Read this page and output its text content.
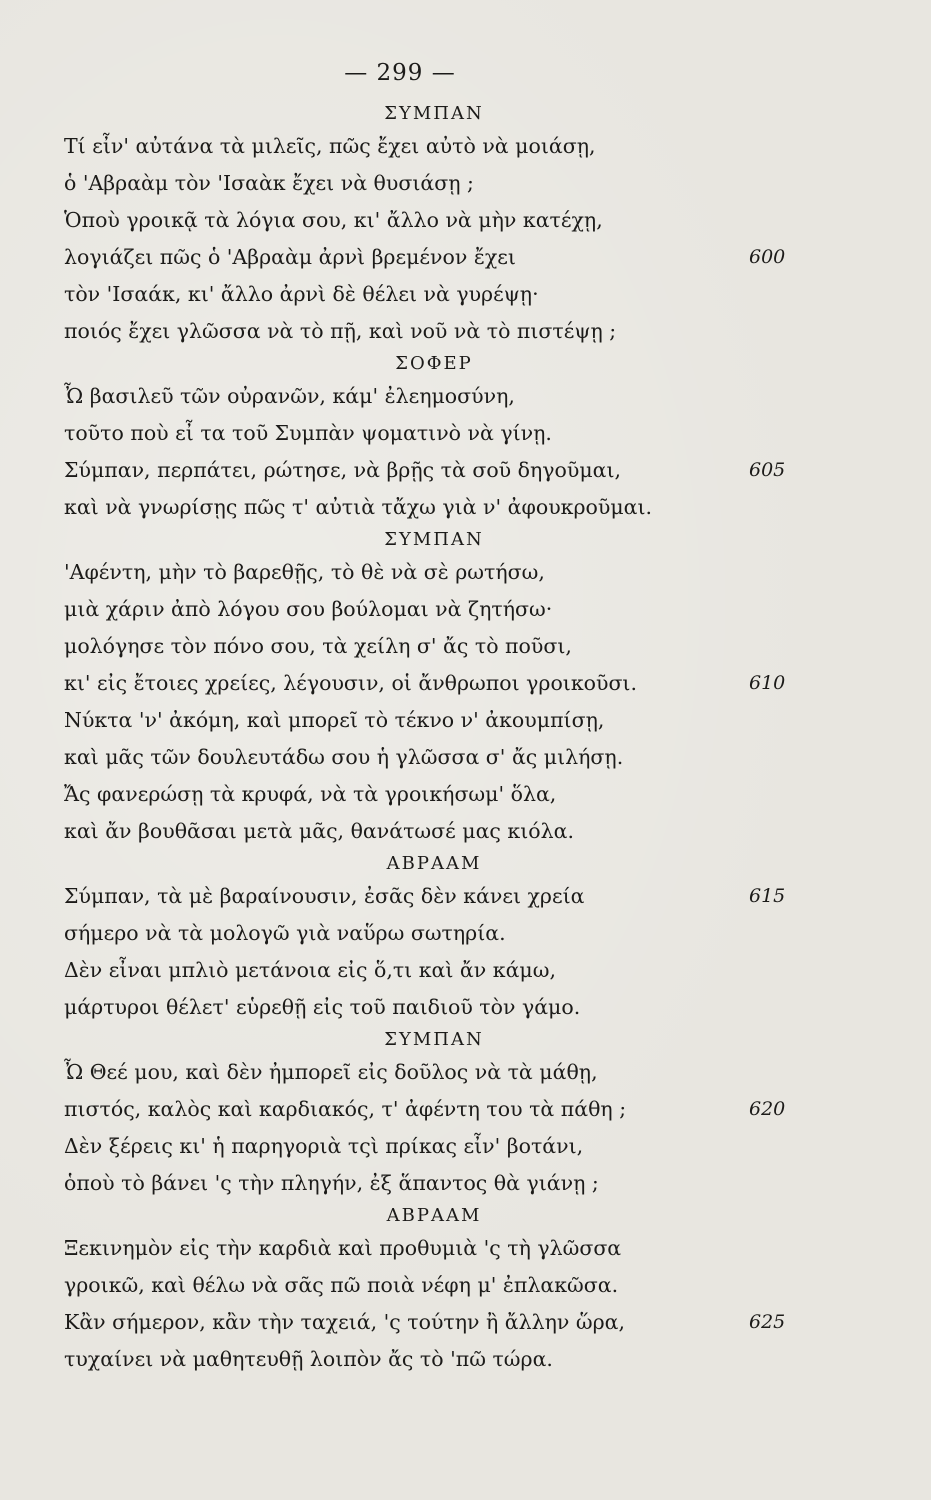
— 299 —
ΣΥΜΠΑΝ
Τί εἶν' αὐτάνα τὰ μιλεῖς, πῶς ἔχει αὐτὸ νὰ μοιάσῃ,
ὁ 'Αβραὰμ τὸν 'Ισαὰκ ἔχει νὰ θυσιάσῃ ;
Ὁποὺ γροικᾷ τὰ λόγια σου, κι' ἄλλο νὰ μὴν κατέχῃ,
λογιάζει πῶς ὁ 'Αβραὰμ ἀρνὶ βρεμένον ἔχει	600
τὸν 'Ισαάκ, κι' ἄλλο ἀρνὶ δὲ θέλει νὰ γυρέψῃ·
ποιός ἔχει γλῶσσα νὰ τὸ πῇ, καὶ νοῦ νὰ τὸ πιστέψῃ ;
ΣΟΦΕΡ
Ὦ βασιλεῦ τῶν οὐρανῶν, κάμ' ἐλεημοσύνη,
τοῦτο ποὺ εἶ τα τοῦ Συμπὰν ψοματινὸ νὰ γίνῃ.
Σύμπαν, περπάτει, ρώτησε, νὰ βρῇς τὰ σοῦ δηγοῦμαι,	605
καὶ νὰ γνωρίσῃς πῶς τ' αὐτιὰ τἄχω γιὰ ν' ἀφουκροῦμαι.
ΣΥΜΠΑΝ
'Αφέντη, μὴν τὸ βαρεθῇς, τὸ θὲ νὰ σὲ ρωτήσω,
μιὰ χάριν ἀπὸ λόγου σου βούλομαι νὰ ζητήσω·
μολόγησε τὸν πόνο σου, τὰ χείλη σ' ἄς τὸ ποῦσι,
κι' εἰς ἔτοιες χρείες, λέγουσιν, οἱ ἄνθρωποι γροικοῦσι.	610
Νύκτα 'ν' ἀκόμη, καὶ μπορεῖ τὸ τέκνο ν' ἀκουμπίσῃ,
καὶ μᾶς τῶν δουλευτάδω σου ἡ γλῶσσα σ' ἄς μιλήσῃ.
Ἄς φανερώσῃ τὰ κρυφά, νὰ τὰ γροικήσωμ' ὅλα,
καὶ ἄν βουθᾶσαι μετὰ μᾶς, θανάτωσέ μας κιόλα.
ΑΒΡΑΑΜ
Σύμπαν, τὰ μὲ βαραίνουσιν, ἐσᾶς δὲν κάνει χρεία	615
σήμερο νὰ τὰ μολογῶ γιὰ ναὕρω σωτηρία.
Δὲν εἶναι μπλιὸ μετάνοια εἰς ὅ,τι καὶ ἄν κάμω,
μάρτυροι θέλετ' εὑρεθῇ εἰς τοῦ παιδιοῦ τὸν γάμο.
ΣΥΜΠΑΝ
Ὦ Θεέ μου, καὶ δὲν ἠμπορεῖ εἰς δοῦλος νὰ τὰ μάθῃ,
πιστός, καλὸς καὶ καρδιακός, τ' ἀφέντη του τὰ πάθη ;	620
Δὲν ξέρεις κι' ἡ παρηγοριὰ τςὶ πρίκας εἶν' βοτάνι,
ὁποὺ τὸ βάνει 'ς τὴν πληγήν, ἐξ ἅπαντος θὰ γιάνῃ ;
ΑΒΡΑΑΜ
Ξεκινημὸν εἰς τὴν καρδιὰ καὶ προθυμιὰ 'ς τὴ γλῶσσα
γροικῶ, καὶ θέλω νὰ σᾶς πῶ ποιὰ νέφη μ' ἐπλακῶσα.
Κἂν σήμερον, κἂν τὴν ταχειά, 'ς τούτην ἢ ἄλλην ὥρα,	625
τυχαίνει νὰ μαθητευθῇ λοιπὸν ἄς τὸ 'πῶ τώρα.
